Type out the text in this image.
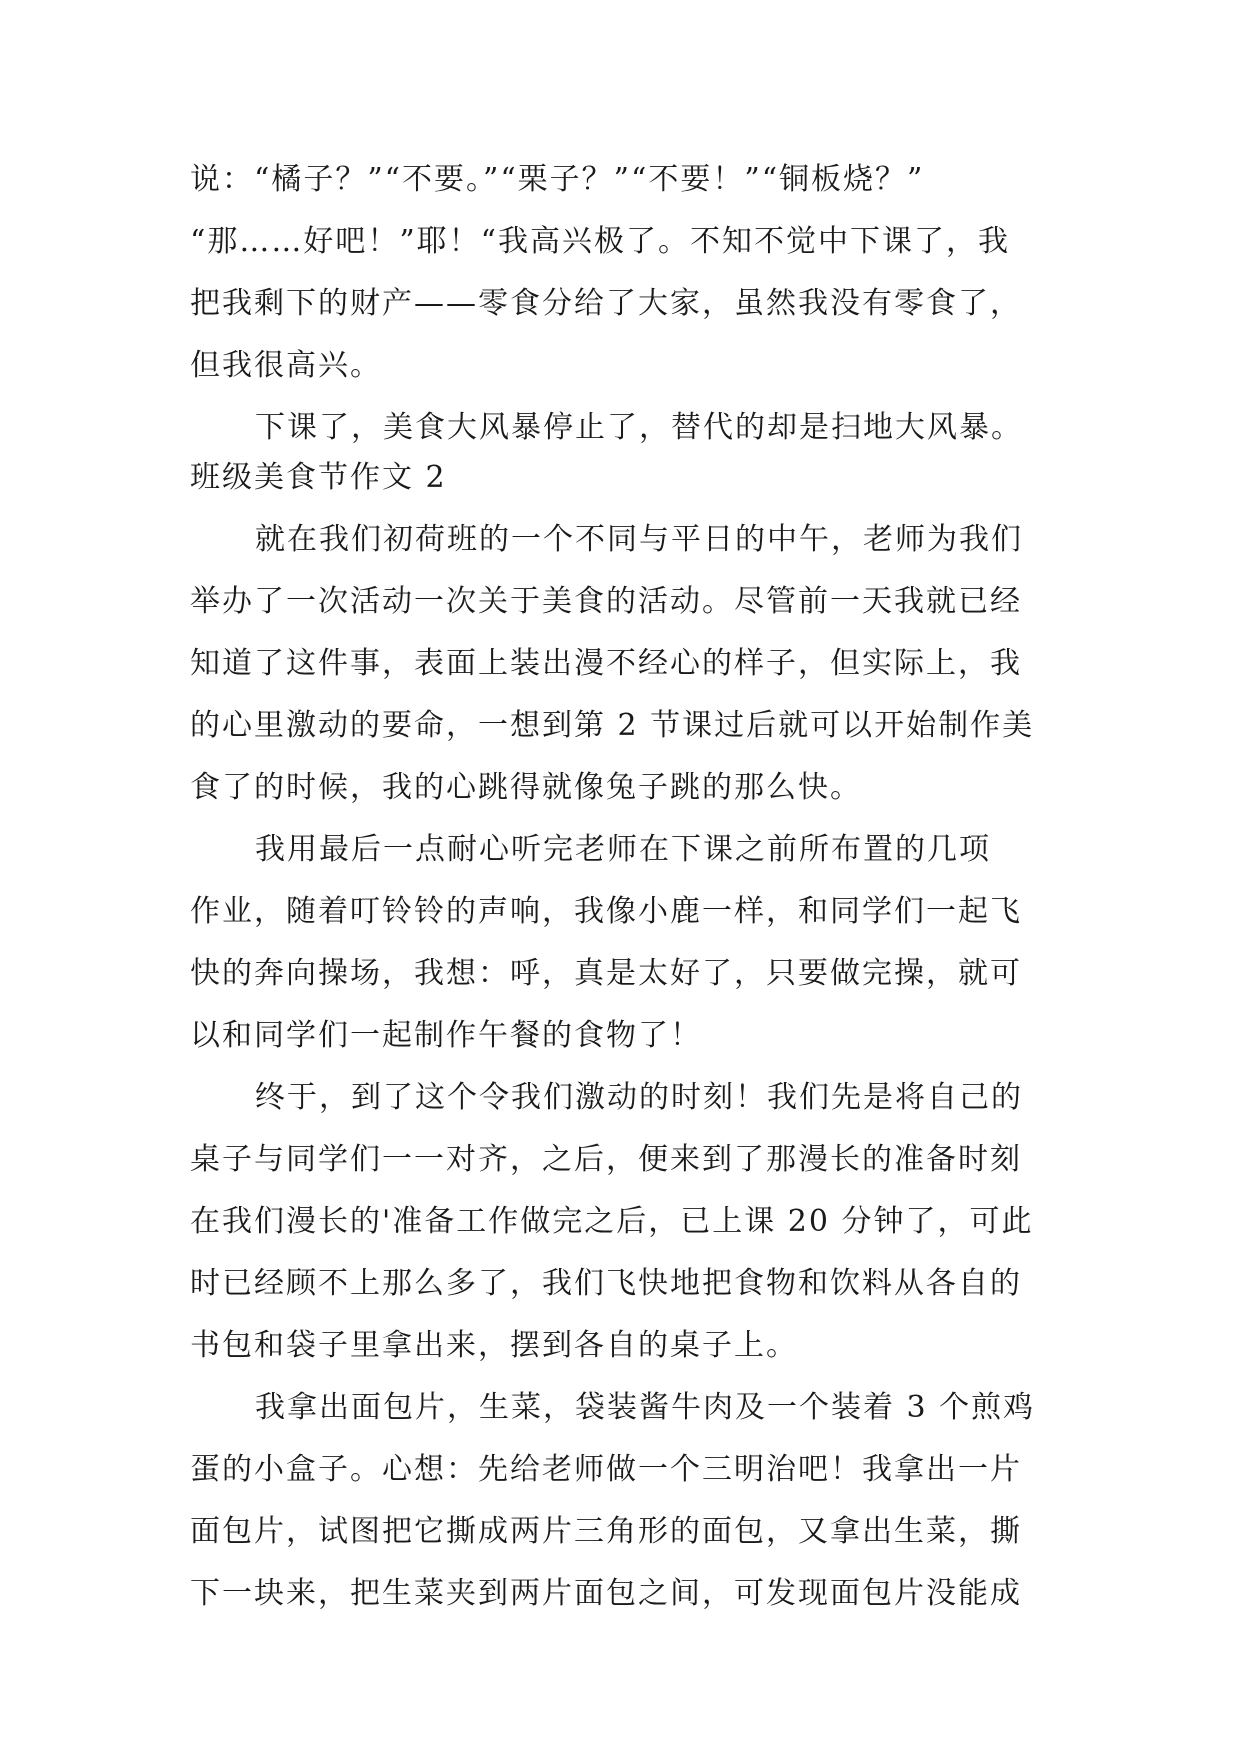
说：“橘子？”“不要。”“栗子？”“不要！”“铜板烧？”
“那……好吧！”耶！“我高兴极了。不知不觉中下课了，我
把我剩下的财产——零食分给了大家，虽然我没有零食了，
但我很高兴。
下课了，美食大风暴停止了，替代的却是扫地大风暴。
班级美食节作文 2
就在我们初荷班的一个不同与平日的中午，老师为我们
举办了一次活动一次关于美食的活动。尽管前一天我就已经
知道了这件事，表面上装出漫不经心的样子，但实际上，我
的心里激动的要命，一想到第 2 节课过后就可以开始制作美
食了的时候，我的心跳得就像兔子跳的那么快。
我用最后一点耐心听完老师在下课之前所布置的几项
作业，随着叮铃铃的声响，我像小鹿一样，和同学们一起飞
快的奔向操场，我想：呼，真是太好了，只要做完操，就可
以和同学们一起制作午餐的食物了！
终于，到了这个令我们激动的时刻！我们先是将自己的
桌子与同学们一一对齐，之后，便来到了那漫长的准备时刻
在我们漫长的'准备工作做完之后，已上课 20 分钟了，可此
时已经顾不上那么多了，我们飞快地把食物和饮料从各自的
书包和袋子里拿出来，摆到各自的桌子上。
我拿出面包片，生菜，袋装酱牛肉及一个装着 3 个煎鸡
蛋的小盒子。心想：先给老师做一个三明治吧！我拿出一片
面包片，试图把它撕成两片三角形的面包，又拿出生菜，撕
下一块来，把生菜夹到两片面包之间，可发现面包片没能成
